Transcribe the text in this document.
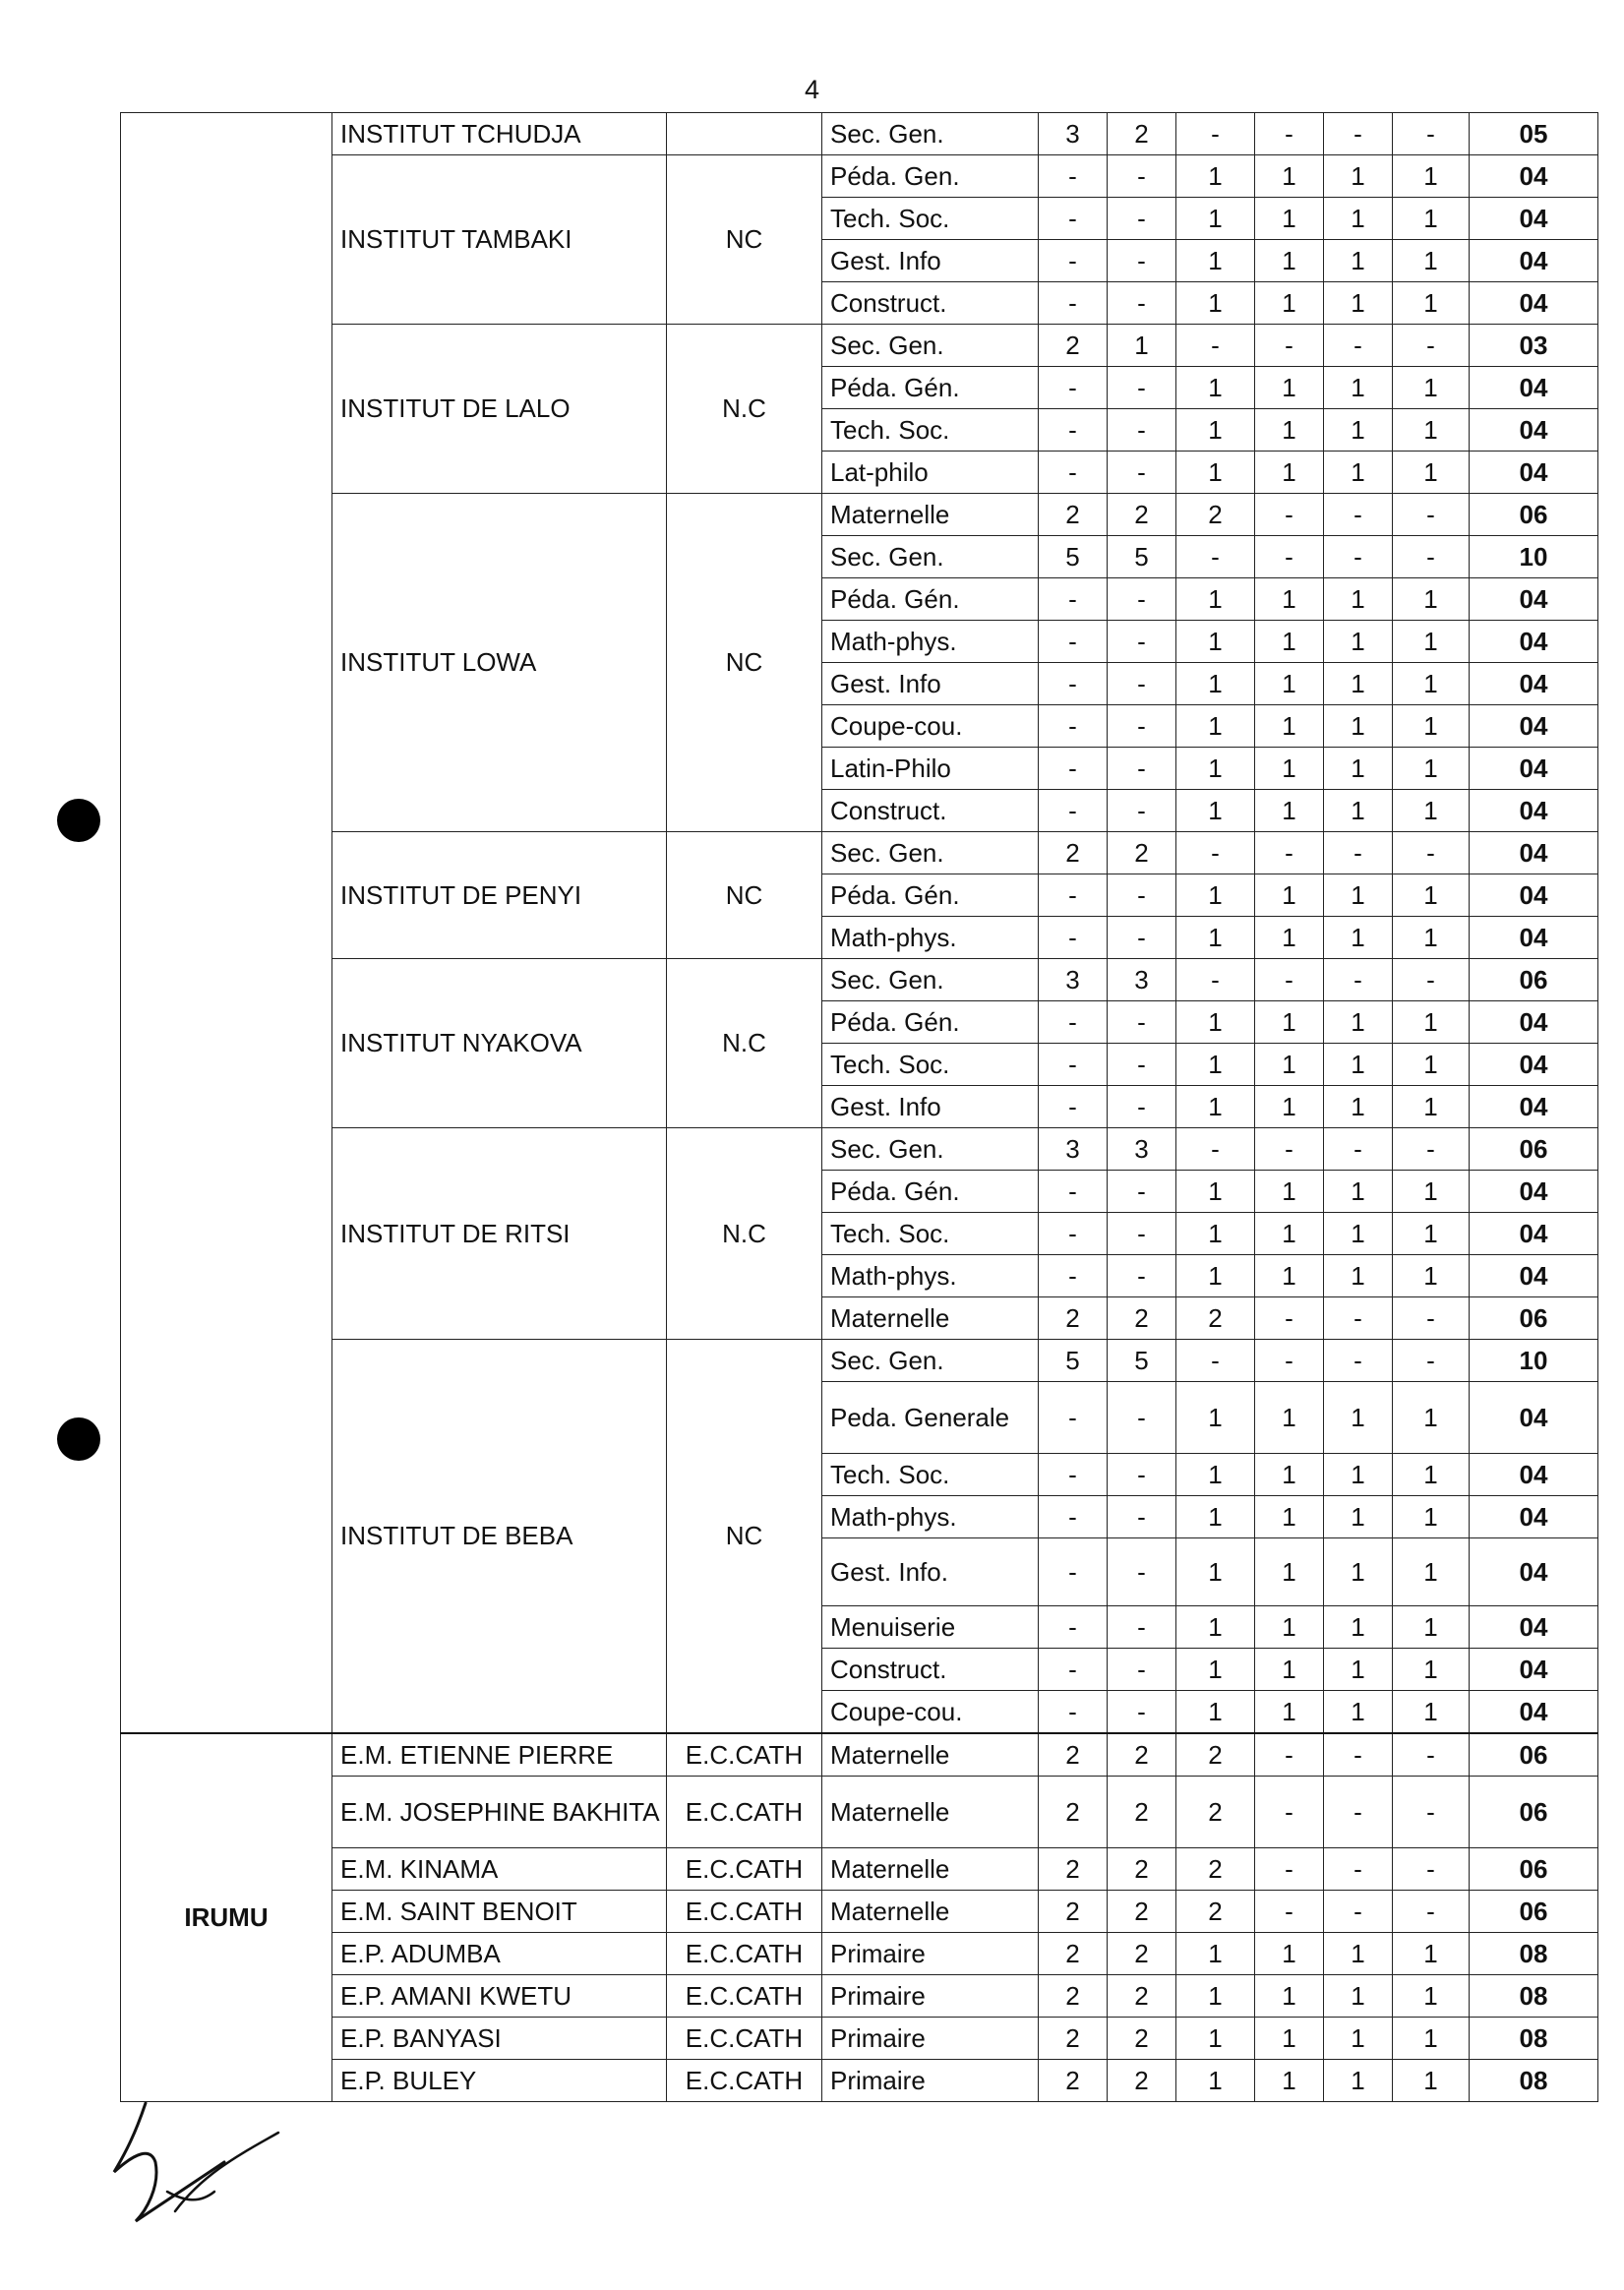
4
	INSTITUT TCHUDJA		Sec. Gen.	3	2	-	-	-	-	05
	INSTITUT TAMBAKI	NC	Péda. Gen.	-	-	1	1	1	1	04
			Tech. Soc.	-	-	1	1	1	1	04
			Gest. Info	-	-	1	1	1	1	04
			Construct.	-	-	1	1	1	1	04
	INSTITUT DE LALO	N.C	Sec. Gen.	2	1	-	-	-	-	03
			Péda. Gén.	-	-	1	1	1	1	04
			Tech. Soc.	-	-	1	1	1	1	04
			Lat-philo	-	-	1	1	1	1	04
	INSTITUT LOWA	NC	Maternelle	2	2	2	-	-	-	06
			Sec. Gen.	5	5	-	-	-	-	10
			Péda. Gén.	-	-	1	1	1	1	04
			Math-phys.	-	-	1	1	1	1	04
			Gest. Info	-	-	1	1	1	1	04
			Coupe-cou.	-	-	1	1	1	1	04
			Latin-Philo	-	-	1	1	1	1	04
			Construct.	-	-	1	1	1	1	04
	INSTITUT DE PENYI	NC	Sec. Gen.	2	2	-	-	-	-	04
			Péda. Gén.	-	-	1	1	1	1	04
			Math-phys.	-	-	1	1	1	1	04
	INSTITUT NYAKOVA	N.C	Sec. Gen.	3	3	-	-	-	-	06
			Péda. Gén.	-	-	1	1	1	1	04
			Tech. Soc.	-	-	1	1	1	1	04
			Gest. Info	-	-	1	1	1	1	04
	INSTITUT DE RITSI	N.C	Sec. Gen.	3	3	-	-	-	-	06
			Péda. Gén.	-	-	1	1	1	1	04
			Tech. Soc.	-	-	1	1	1	1	04
			Math-phys.	-	-	1	1	1	1	04
			Maternelle	2	2	2	-	-	-	06
	INSTITUT DE BEBA	NC	Sec. Gen.	5	5	-	-	-	-	10
			Peda. Generale	-	-	1	1	1	1	04
			Tech. Soc.	-	-	1	1	1	1	04
			Math-phys.	-	-	1	1	1	1	04
			Gest. Info.	-	-	1	1	1	1	04
			Menuiserie	-	-	1	1	1	1	04
			Construct.	-	-	1	1	1	1	04
			Coupe-cou.	-	-	1	1	1	1	04
IRUMU	E.M. ETIENNE PIERRE	E.C.CATH	Maternelle	2	2	2	-	-	-	06
	E.M. JOSEPHINE BAKHITA	E.C.CATH	Maternelle	2	2	2	-	-	-	06
	E.M. KINAMA	E.C.CATH	Maternelle	2	2	2	-	-	-	06
	E.M. SAINT BENOIT	E.C.CATH	Maternelle	2	2	2	-	-	-	06
	E.P. ADUMBA	E.C.CATH	Primaire	2	2	1	1	1	1	08
	E.P. AMANI KWETU	E.C.CATH	Primaire	2	2	1	1	1	1	08
	E.P. BANYASI	E.C.CATH	Primaire	2	2	1	1	1	1	08
	E.P. BULEY	E.C.CATH	Primaire	2	2	1	1	1	1	08
